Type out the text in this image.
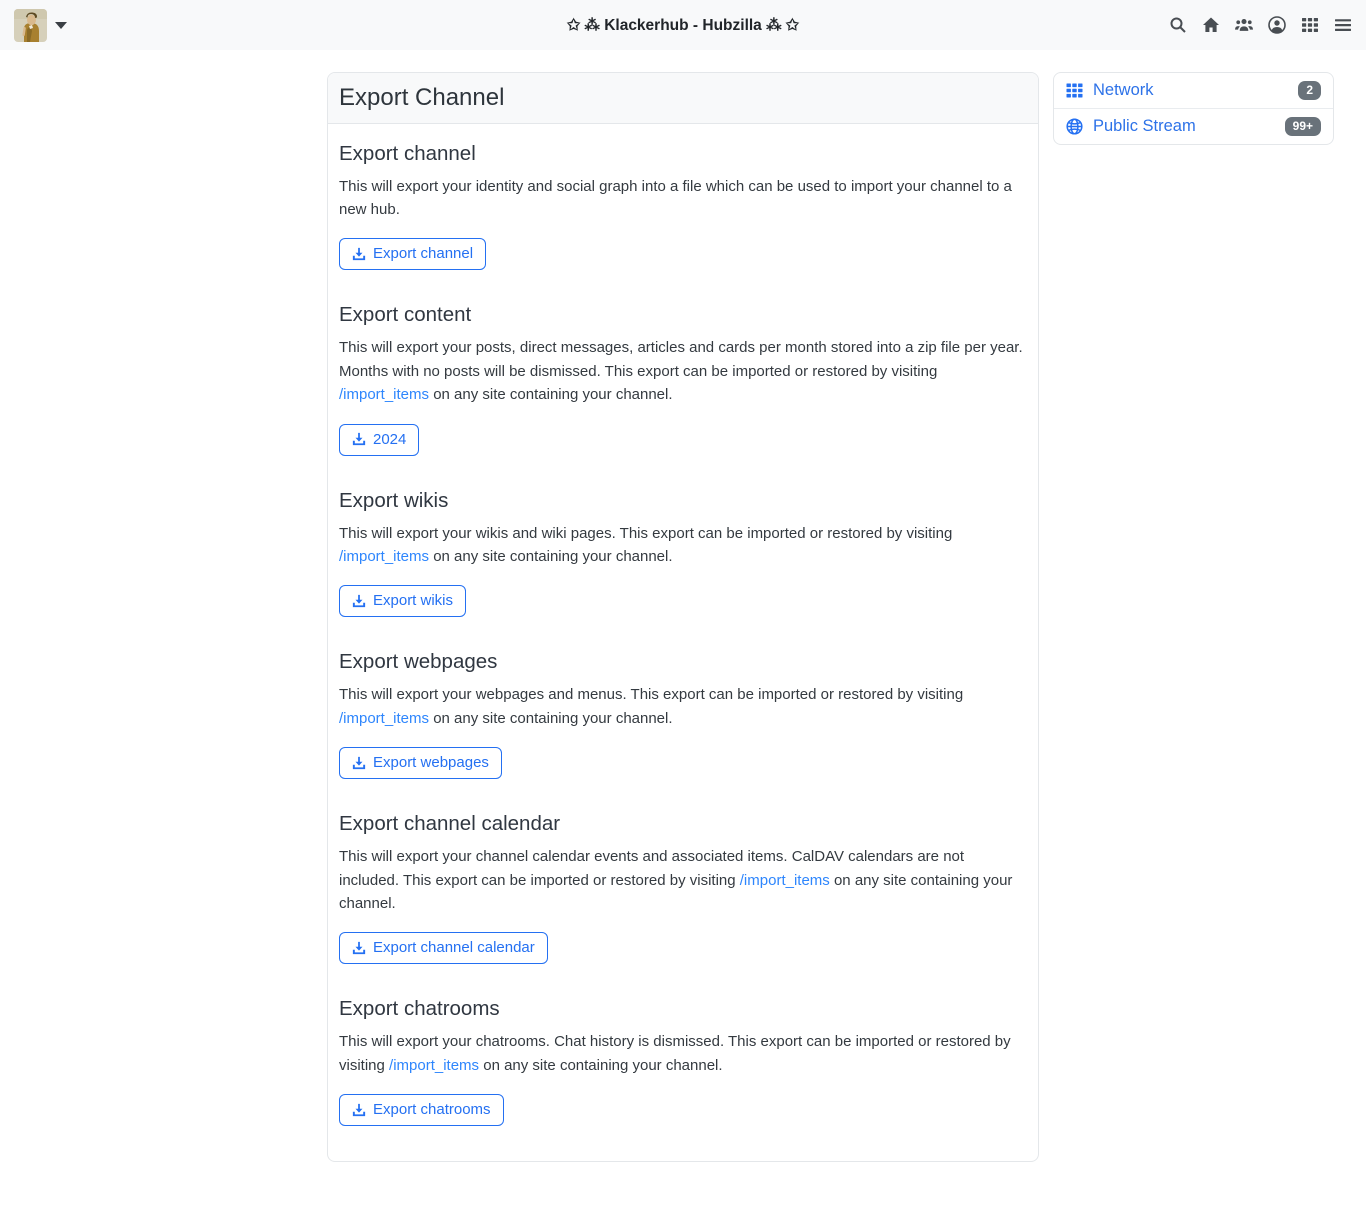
✩ ⁂ Klackerhub - Hubzilla ⁂ ✩
Export Channel
Export channel

This will export your identity and social graph into a file which can be used to import your channel to a new hub.

Export channel
Export content

This will export your posts, direct messages, articles and cards per month stored into a zip file per year. Months with no posts will be dismissed. This export can be imported or restored by visiting /import_items on any site containing your channel.

2024
Export wikis

This will export your wikis and wiki pages. This export can be imported or restored by visiting /import_items on any site containing your channel.

Export wikis
Export webpages

This will export your webpages and menus. This export can be imported or restored by visiting /import_items on any site containing your channel.

Export webpages
Export channel calendar

This will export your channel calendar events and associated items. CalDAV calendars are not included. This export can be imported or restored by visiting /import_items on any site containing your channel.

Export channel calendar
Export chatrooms

This will export your chatrooms. Chat history is dismissed. This export can be imported or restored by visiting /import_items on any site containing your channel.

Export chatrooms
Network	2
Public Stream	99+
